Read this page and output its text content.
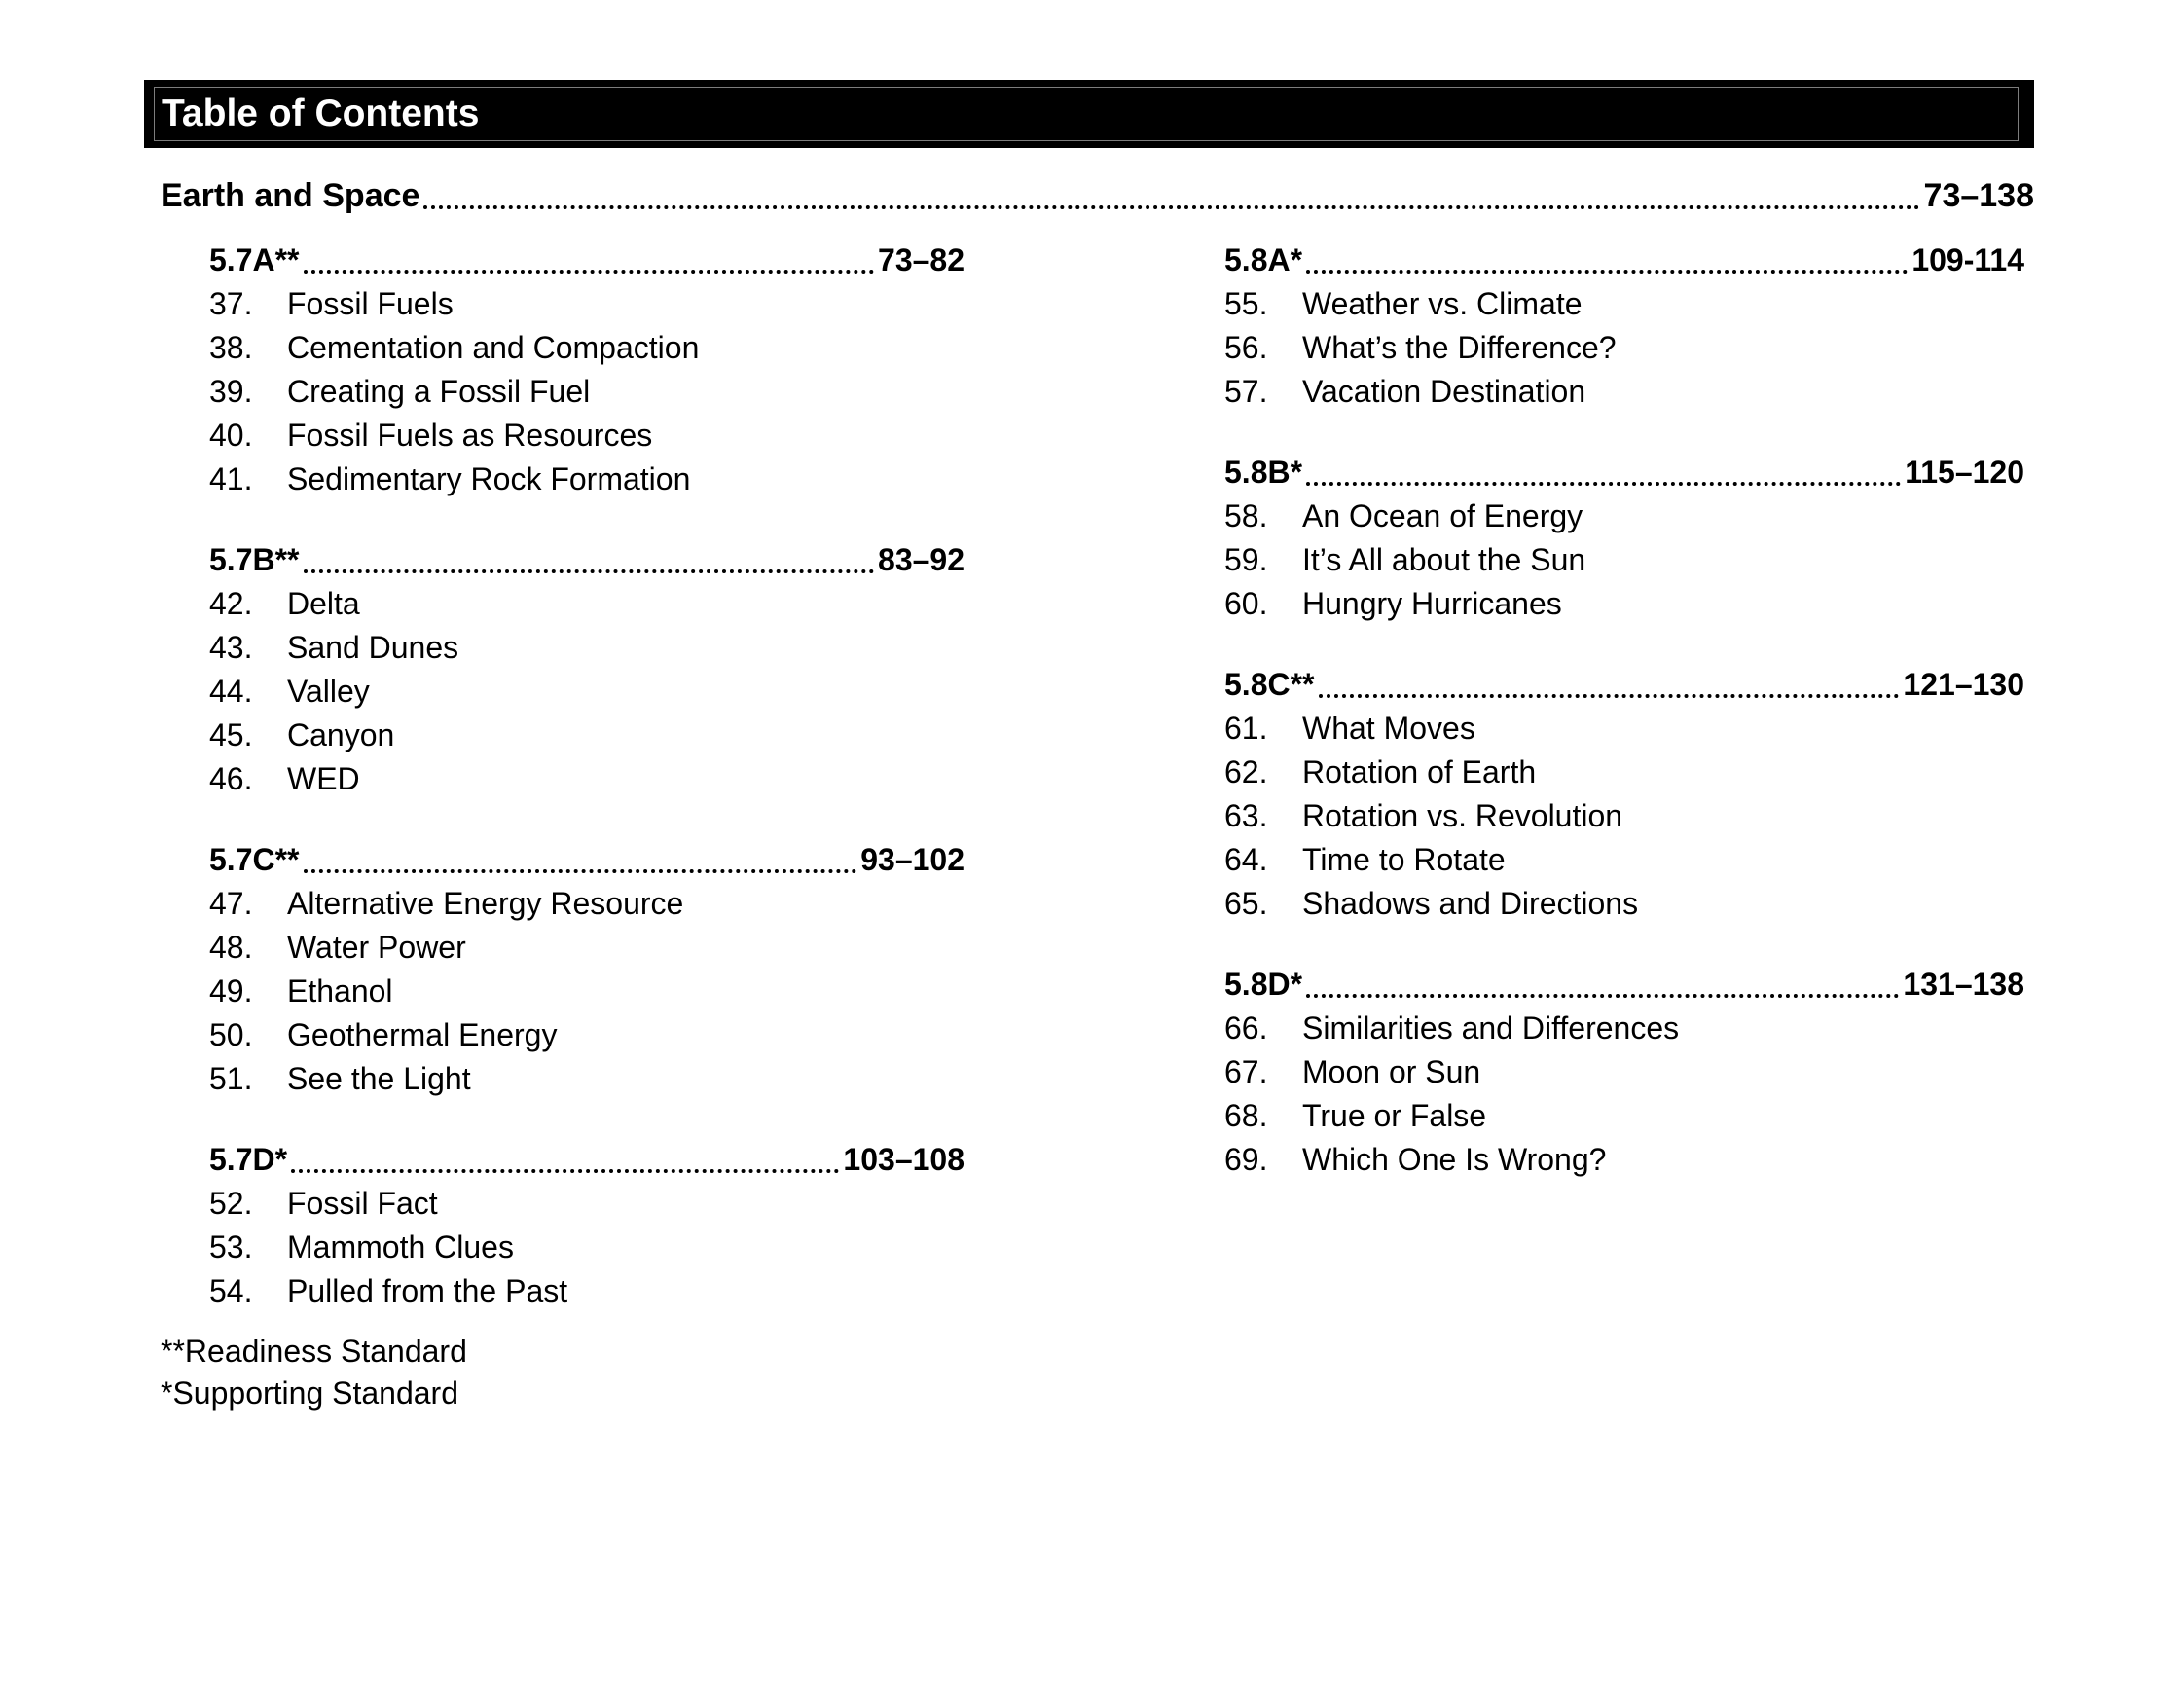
Table of Contents
Earth and Space	73–138
5.7A**	73–82
37.	Fossil Fuels
38.	Cementation and Compaction
39.	Creating a Fossil Fuel
40.	Fossil Fuels as Resources
41.	Sedimentary Rock Formation
5.7B**	83–92
42.	Delta
43.	Sand Dunes
44.	Valley
45.	Canyon
46.	WED
5.7C**	93–102
47.	Alternative Energy Resource
48.	Water Power
49.	Ethanol
50.	Geothermal Energy
51.	See the Light
5.7D*	103–108
52.	Fossil Fact
53.	Mammoth Clues
54.	Pulled from the Past
5.8A*	109-114
55.	Weather vs. Climate
56.	What’s the Difference?
57.	Vacation Destination
5.8B*	115–120
58.	An Ocean of Energy
59.	It’s All about the Sun
60.	Hungry Hurricanes
5.8C**	121–130
61.	What Moves
62.	Rotation of Earth
63.	Rotation vs. Revolution
64.	Time to Rotate
65.	Shadows and Directions
5.8D*	131–138
66.	Similarities and Differences
67.	Moon or Sun
68.	True or False
69.	Which One Is Wrong?
**Readiness Standard
*Supporting Standard
